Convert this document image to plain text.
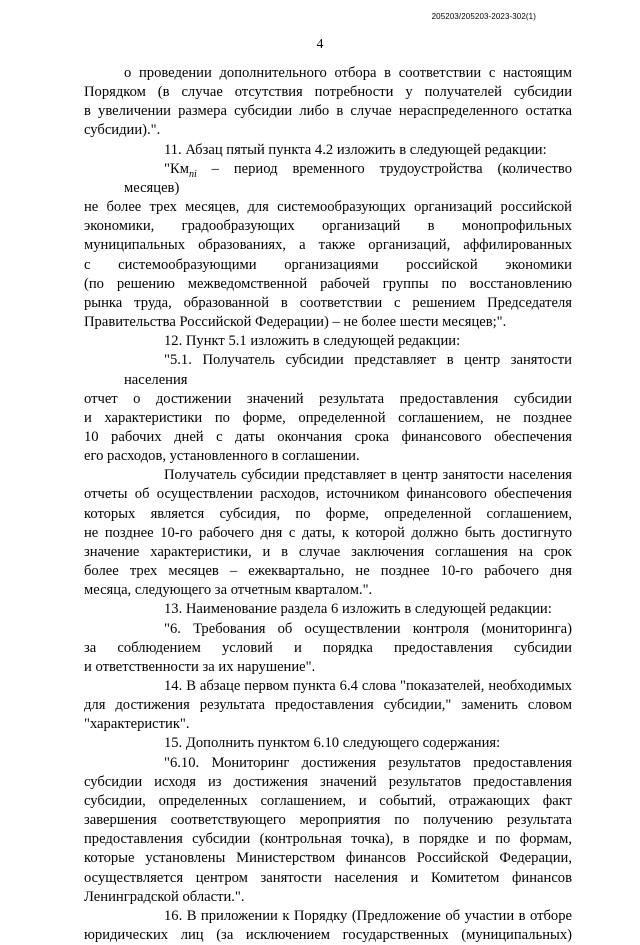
205203/205203-2023-302(1)
4
о проведении дополнительного отбора в соответствии с настоящим
Порядком (в случае отсутствия потребности у получателей субсидии
в увеличении размера субсидии либо в случае нераспределенного остатка
субсидии).".
11. Абзац пятый пункта 4.2 изложить в следующей редакции:
"$Км_{ni}$ – период временного трудоустройства (количество месяцев)
не более трех месяцев, для системообразующих организаций российской
экономики, градообразующих организаций в монопрофильных
муниципальных образованиях, а также организаций, аффилированных
с системообразующими организациями российской экономики
(по решению межведомственной рабочей группы по восстановлению
рынка труда, образованной в соответствии с решением Председателя
Правительства Российской Федерации) – не более шести месяцев;".
12. Пункт 5.1 изложить в следующей редакции:
"5.1. Получатель субсидии представляет в центр занятости населения
отчет о достижении значений результата предоставления субсидии
и характеристики по форме, определенной соглашением, не позднее
10 рабочих дней с даты окончания срока финансового обеспечения
его расходов, установленного в соглашении.
Получатель субсидии представляет в центр занятости населения
отчеты об осуществлении расходов, источником финансового обеспечения
которых является субсидия, по форме, определенной соглашением,
не позднее 10-го рабочего дня с даты, к которой должно быть достигнуто
значение характеристики, и в случае заключения соглашения на срок
более трех месяцев – ежеквартально, не позднее 10-го рабочего дня
месяца, следующего за отчетным кварталом.".
13. Наименование раздела 6 изложить в следующей редакции:
"6. Требования об осуществлении контроля (мониторинга)
за соблюдением условий и порядка предоставления субсидии
и ответственности за их нарушение".
14. В абзаце первом пункта 6.4 слова "показателей, необходимых
для достижения результата предоставления субсидии," заменить словом
"характеристик".
15. Дополнить пунктом 6.10 следующего содержания:
"6.10. Мониторинг достижения результатов предоставления
субсидии исходя из достижения значений результатов предоставления
субсидии, определенных соглашением, и событий, отражающих факт
завершения соответствующего мероприятия по получению результата
предоставления субсидии (контрольная точка), в порядке и по формам,
которые установлены Министерством финансов Российской Федерации,
осуществляется центром занятости населения и Комитетом финансов
Ленинградской области.".
16. В приложении к Порядку (Предложение об участии в отборе
юридических лиц (за исключением государственных (муниципальных)
